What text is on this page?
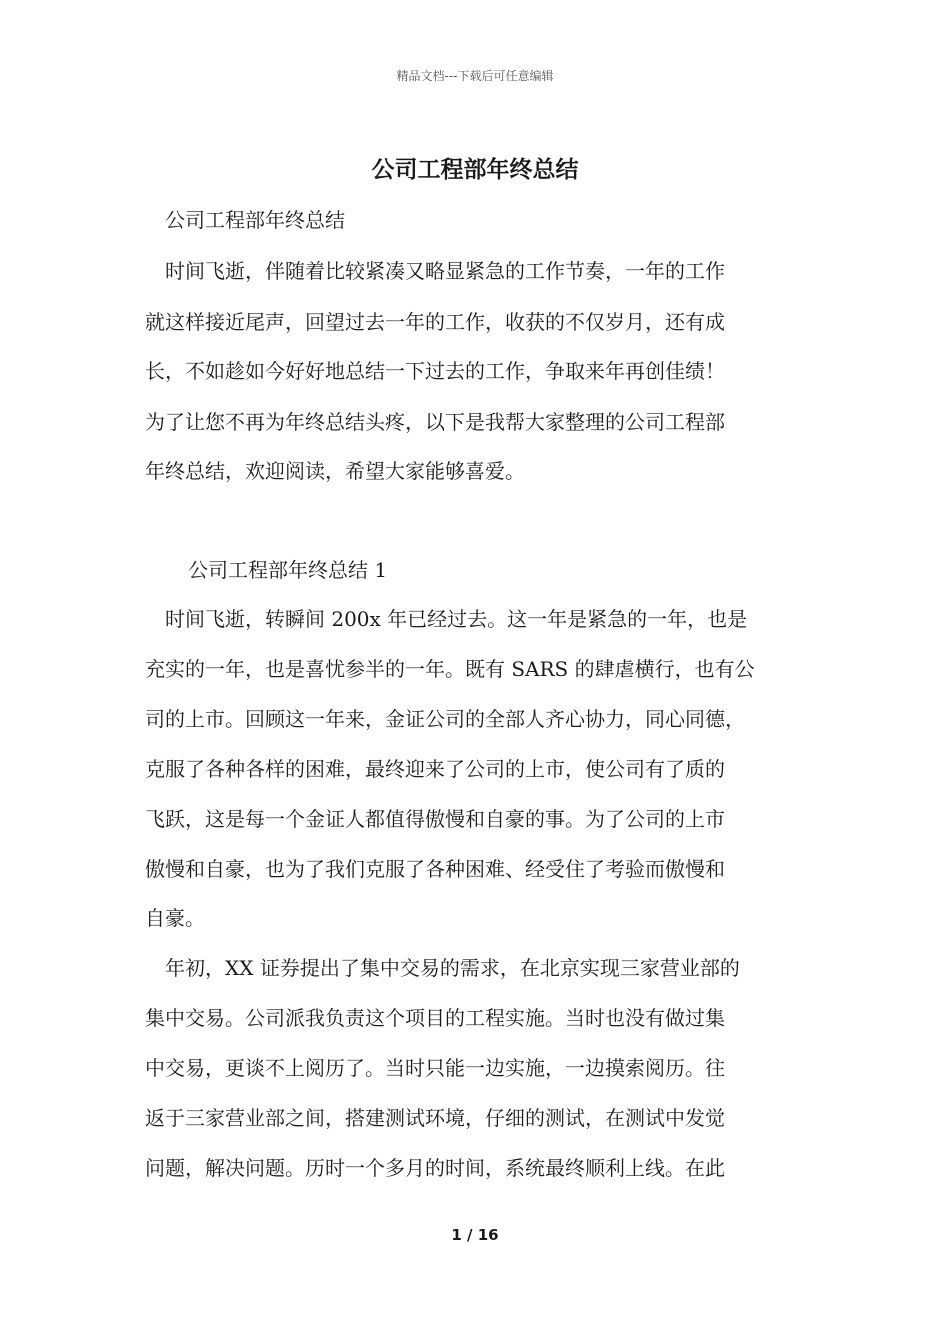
精品文档---下载后可任意编辑
公司工程部年终总结
公司工程部年终总结
时间飞逝，伴随着比较紧凑又略显紧急的工作节奏，一年的工作
就这样接近尾声，回望过去一年的工作，收获的不仅岁月，还有成
长，不如趁如今好好地总结一下过去的工作，争取来年再创佳绩！
为了让您不再为年终总结头疼，以下是我帮大家整理的公司工程部
年终总结，欢迎阅读，希望大家能够喜爱。
公司工程部年终总结 1
时间飞逝，转瞬间 200x 年已经过去。这一年是紧急的一年，也是
充实的一年，也是喜忧参半的一年。既有 SARS 的肆虐横行，也有公
司的上市。回顾这一年来，金证公司的全部人齐心协力，同心同德，
克服了各种各样的困难，最终迎来了公司的上市，使公司有了质的
飞跃，这是每一个金证人都值得傲慢和自豪的事。为了公司的上市
傲慢和自豪，也为了我们克服了各种困难、经受住了考验而傲慢和
自豪。
年初，XX 证券提出了集中交易的需求，在北京实现三家营业部的
集中交易。公司派我负责这个项目的工程实施。当时也没有做过集
中交易，更谈不上阅历了。当时只能一边实施，一边摸索阅历。往
返于三家营业部之间，搭建测试环境，仔细的测试，在测试中发觉
问题，解决问题。历时一个多月的时间，系统最终顺利上线。在此
1 / 16
